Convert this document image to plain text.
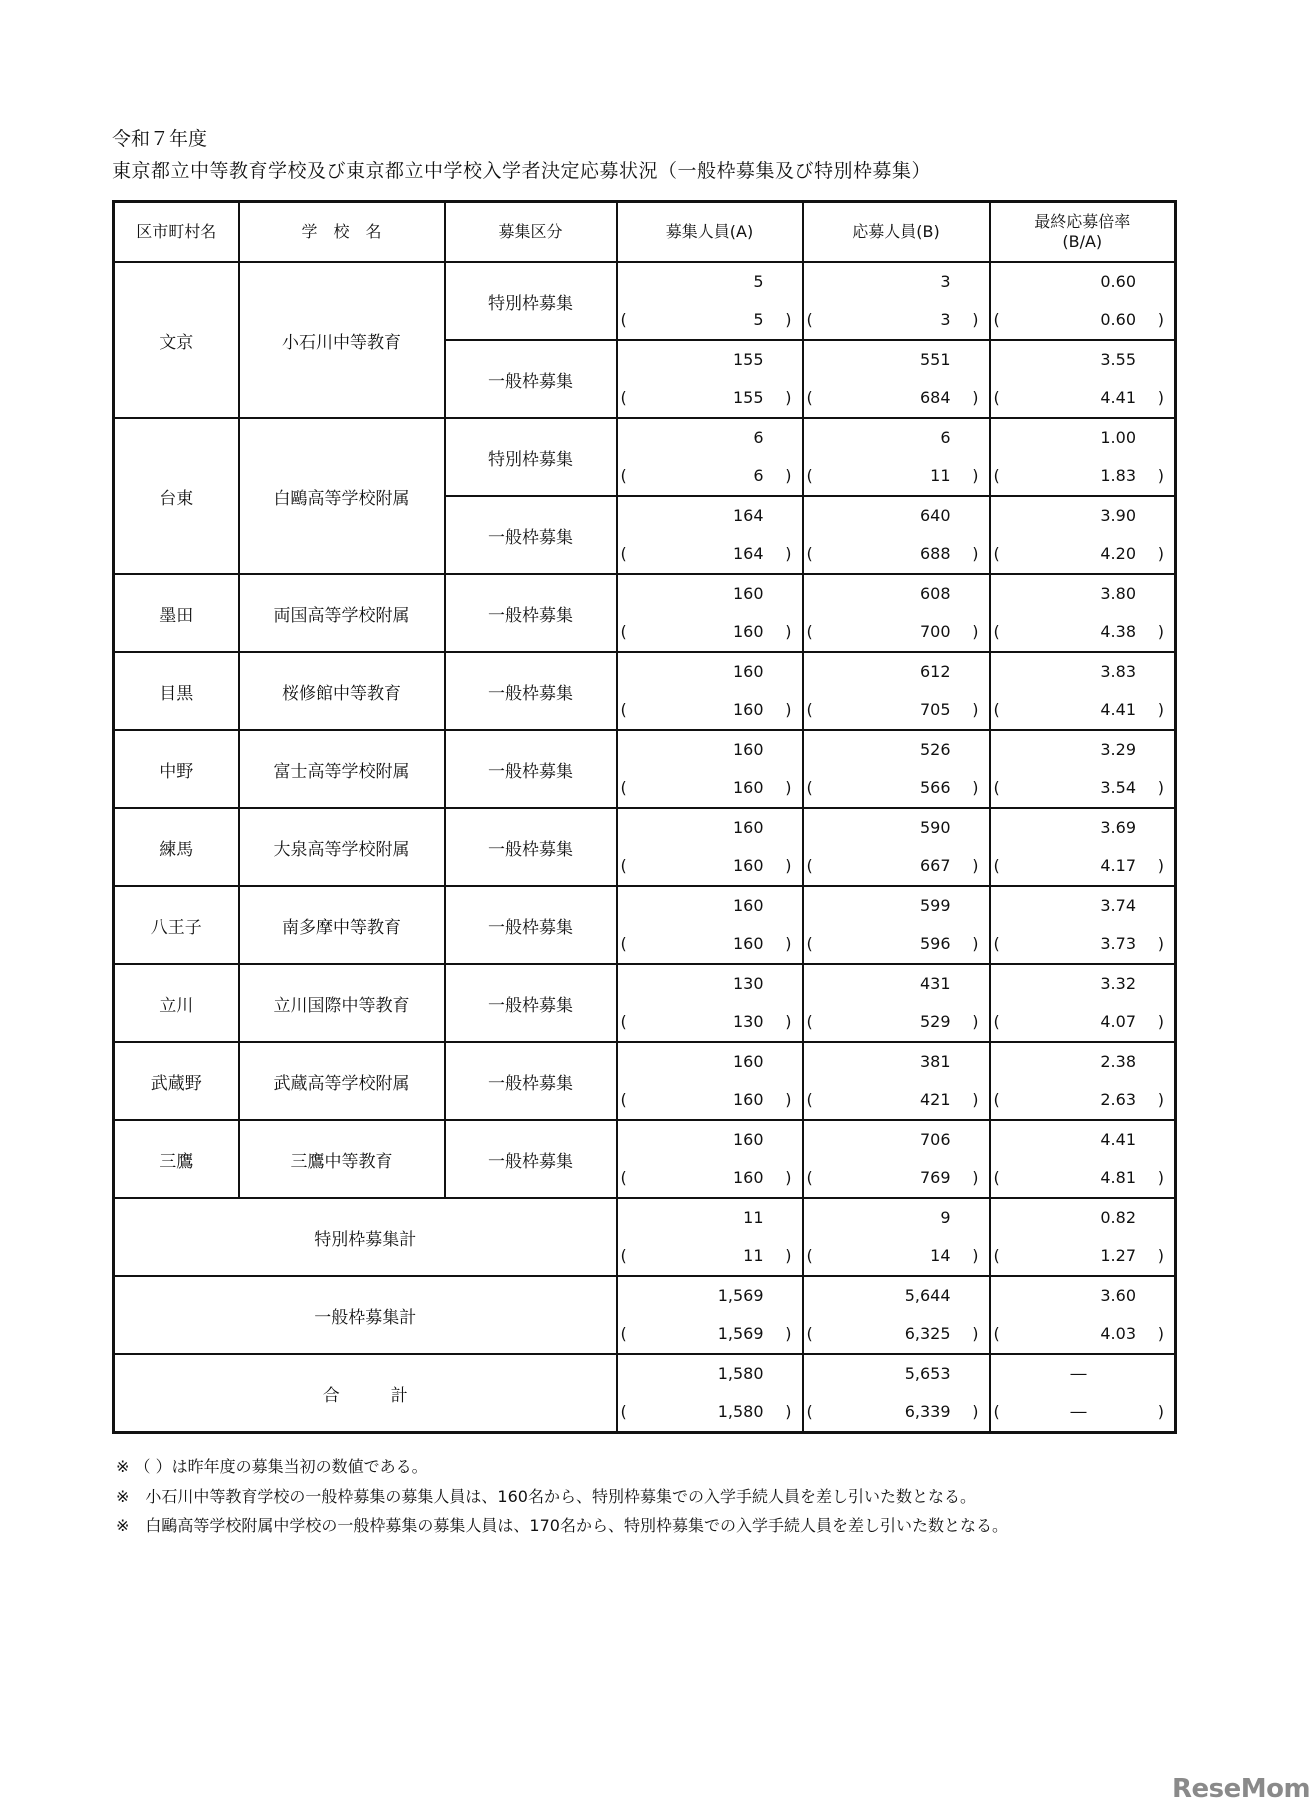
令和７年度
東京都立中等教育学校及び東京都立中学校入学者決定応募状況（一般枠募集及び特別枠募集）
区市町村名	学　校　名	募集区分	募集人員(A)	応募人員(B)	最終応募倍率
(B/A)

文京	小石川中等教育	特別枠募集	5	3	0.60

			( 5 )	( 3 )	( 0.60 )

		一般枠募集	155	551	3.55

			( 155 )	( 684 )	( 4.41 )

台東	白鷗高等学校附属	特別枠募集	6	6	1.00

			( 6 )	( 11 )	( 1.83 )

		一般枠募集	164	640	3.90

			( 164 )	( 688 )	( 4.20 )

墨田	両国高等学校附属	一般枠募集	160	608	3.80

			( 160 )	( 700 )	( 4.38 )

目黒	桜修館中等教育	一般枠募集	160	612	3.83

			( 160 )	( 705 )	( 4.41 )

中野	富士高等学校附属	一般枠募集	160	526	3.29

			( 160 )	( 566 )	( 3.54 )

練馬	大泉高等学校附属	一般枠募集	160	590	3.69

			( 160 )	( 667 )	( 4.17 )

八王子	南多摩中等教育	一般枠募集	160	599	3.74

			( 160 )	( 596 )	( 3.73 )

立川	立川国際中等教育	一般枠募集	130	431	3.32

			( 130 )	( 529 )	( 4.07 )

武蔵野	武蔵高等学校附属	一般枠募集	160	381	2.38

			( 160 )	( 421 )	( 2.63 )

三鷹	三鷹中等教育	一般枠募集	160	706	4.41

			( 160 )	( 769 )	( 4.81 )

特別枠募集計			11	9	0.82

			( 11 )	( 14 )	( 1.27 )

一般枠募集計			1,569	5,644	3.60

			( 1,569 )	( 6,325 )	( 4.03 )

合　　　計			1,580	5,653	―

			( 1,580 )	( 6,339 )	( ― )
※ （ ）は昨年度の募集当初の数値である。
※　小石川中等教育学校の一般枠募集の募集人員は、160名から、特別枠募集での入学手続人員を差し引いた数となる。
※　白鷗高等学校附属中学校の一般枠募集の募集人員は、170名から、特別枠募集での入学手続人員を差し引いた数となる。
ReseMom
